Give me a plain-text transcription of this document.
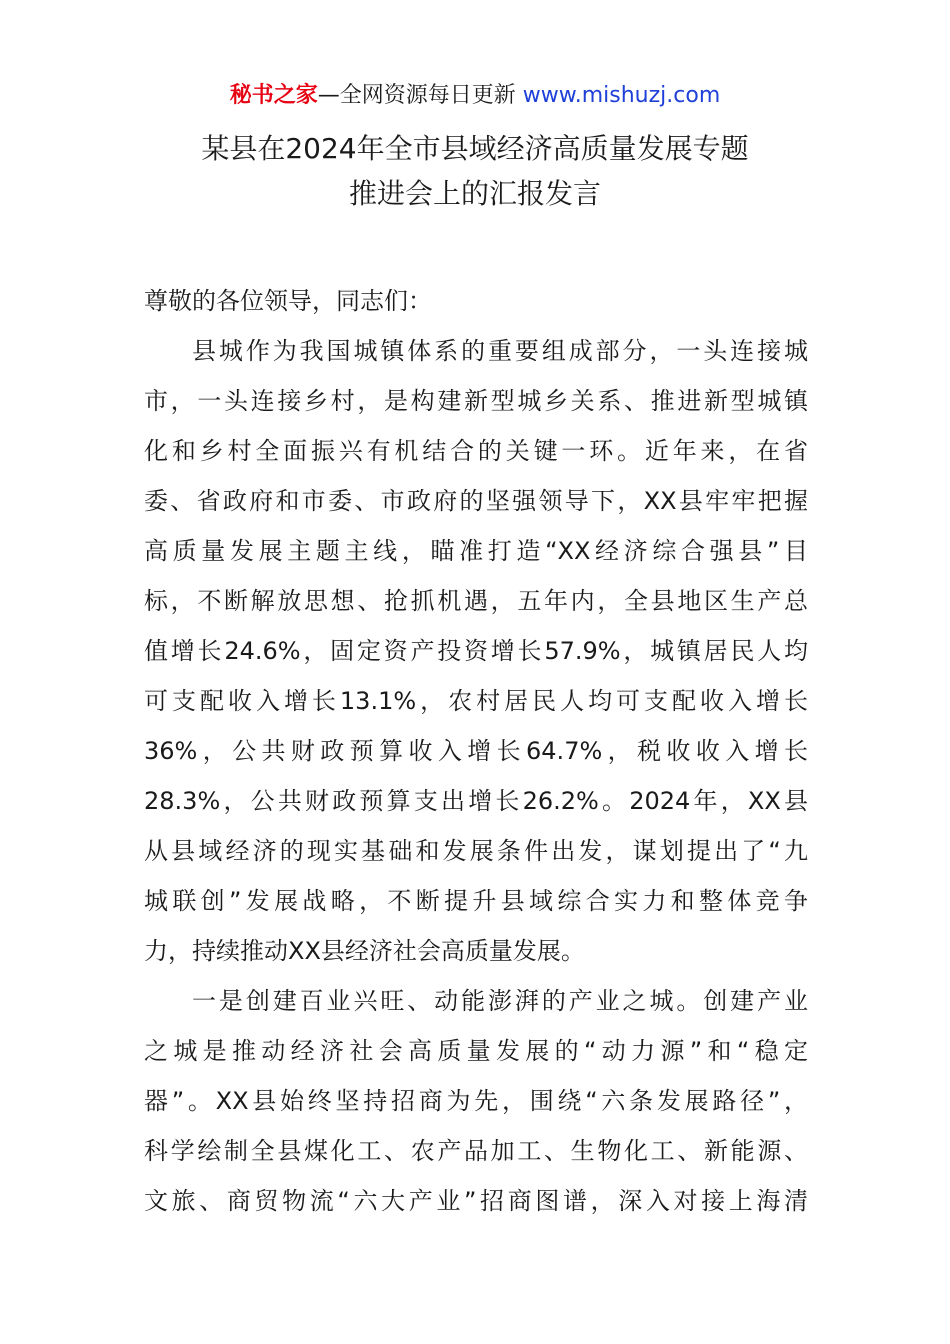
秘书之家—全网资源每日更新 www.mishuzj.com
某县在2024年全市县域经济高质量发展专题
推进会上的汇报发言
尊敬的各位领导，同志们：
县城作为我国城镇体系的重要组成部分，一头连接城
市，一头连接乡村，是构建新型城乡关系、推进新型城镇
化和乡村全面振兴有机结合的关键一环。近年来，在省
委、省政府和市委、市政府的坚强领导下，XX县牢牢把握
高质量发展主题主线，瞄准打造“XX经济综合强县”目
标，不断解放思想、抢抓机遇，五年内，全县地区生产总
值增长24.6%，固定资产投资增长57.9%，城镇居民人均
可支配收入增长13.1%，农村居民人均可支配收入增长
36%，公共财政预算收入增长64.7%，税收收入增长
28.3%，公共财政预算支出增长26.2%。2024年，XX县
从县域经济的现实基础和发展条件出发，谋划提出了“九
城联创”发展战略，不断提升县域综合实力和整体竞争
力，持续推动XX县经济社会高质量发展。
一是创建百业兴旺、动能澎湃的产业之城。创建产业
之城是推动经济社会高质量发展的“动力源”和“稳定
器”。XX县始终坚持招商为先，围绕“六条发展路径”，
科学绘制全县煤化工、农产品加工、生物化工、新能源、
文旅、商贸物流“六大产业”招商图谱，深入对接上海清
